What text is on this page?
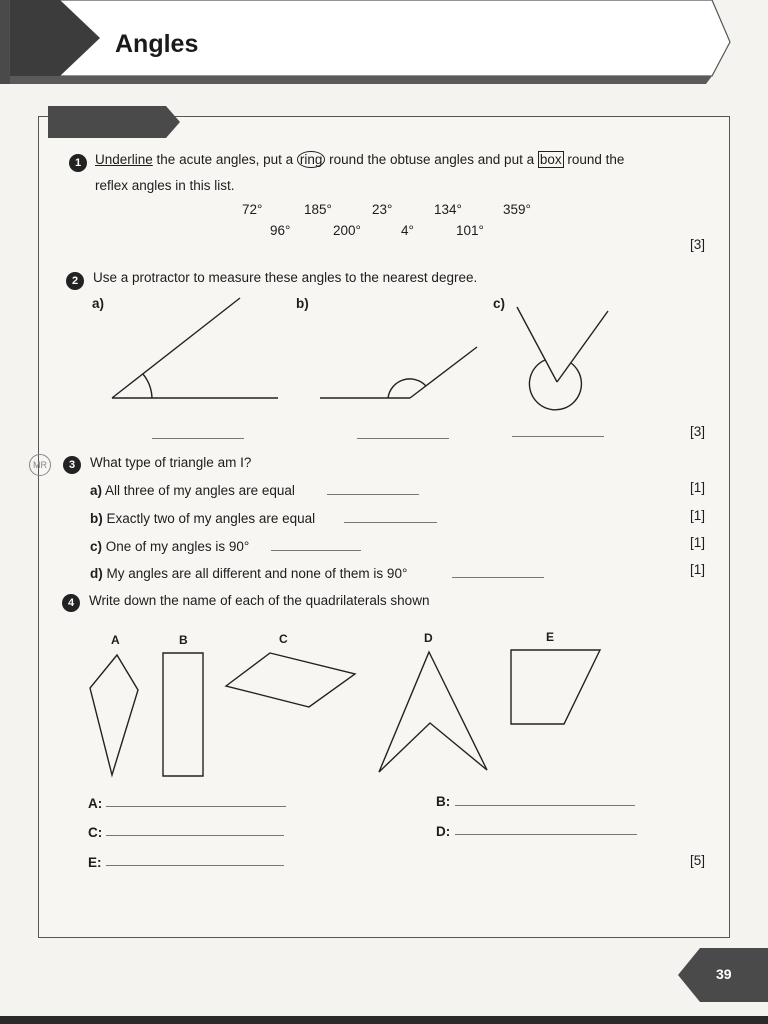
Angles
1	Underline the acute angles, put a ring round the obtuse angles and put a box round the
reflex angles in this list.
72°	185°	23°	134°	359°
96°	200°	4°	101°
[3]
2	Use a protractor to measure these angles to the nearest degree.
a)	b)	c)
[3]
MR	3	What type of triangle am I?
a) All three of my angles are equal	[1]
b) Exactly two of my angles are equal	[1]
c) One of my angles is 90°	[1]
d) My angles are all different and none of them is 90°	[1]
4	Write down the name of each of the quadrilaterals shown
A	B	C	D	E
A:	B:
C:	D:
E:	[5]
39
